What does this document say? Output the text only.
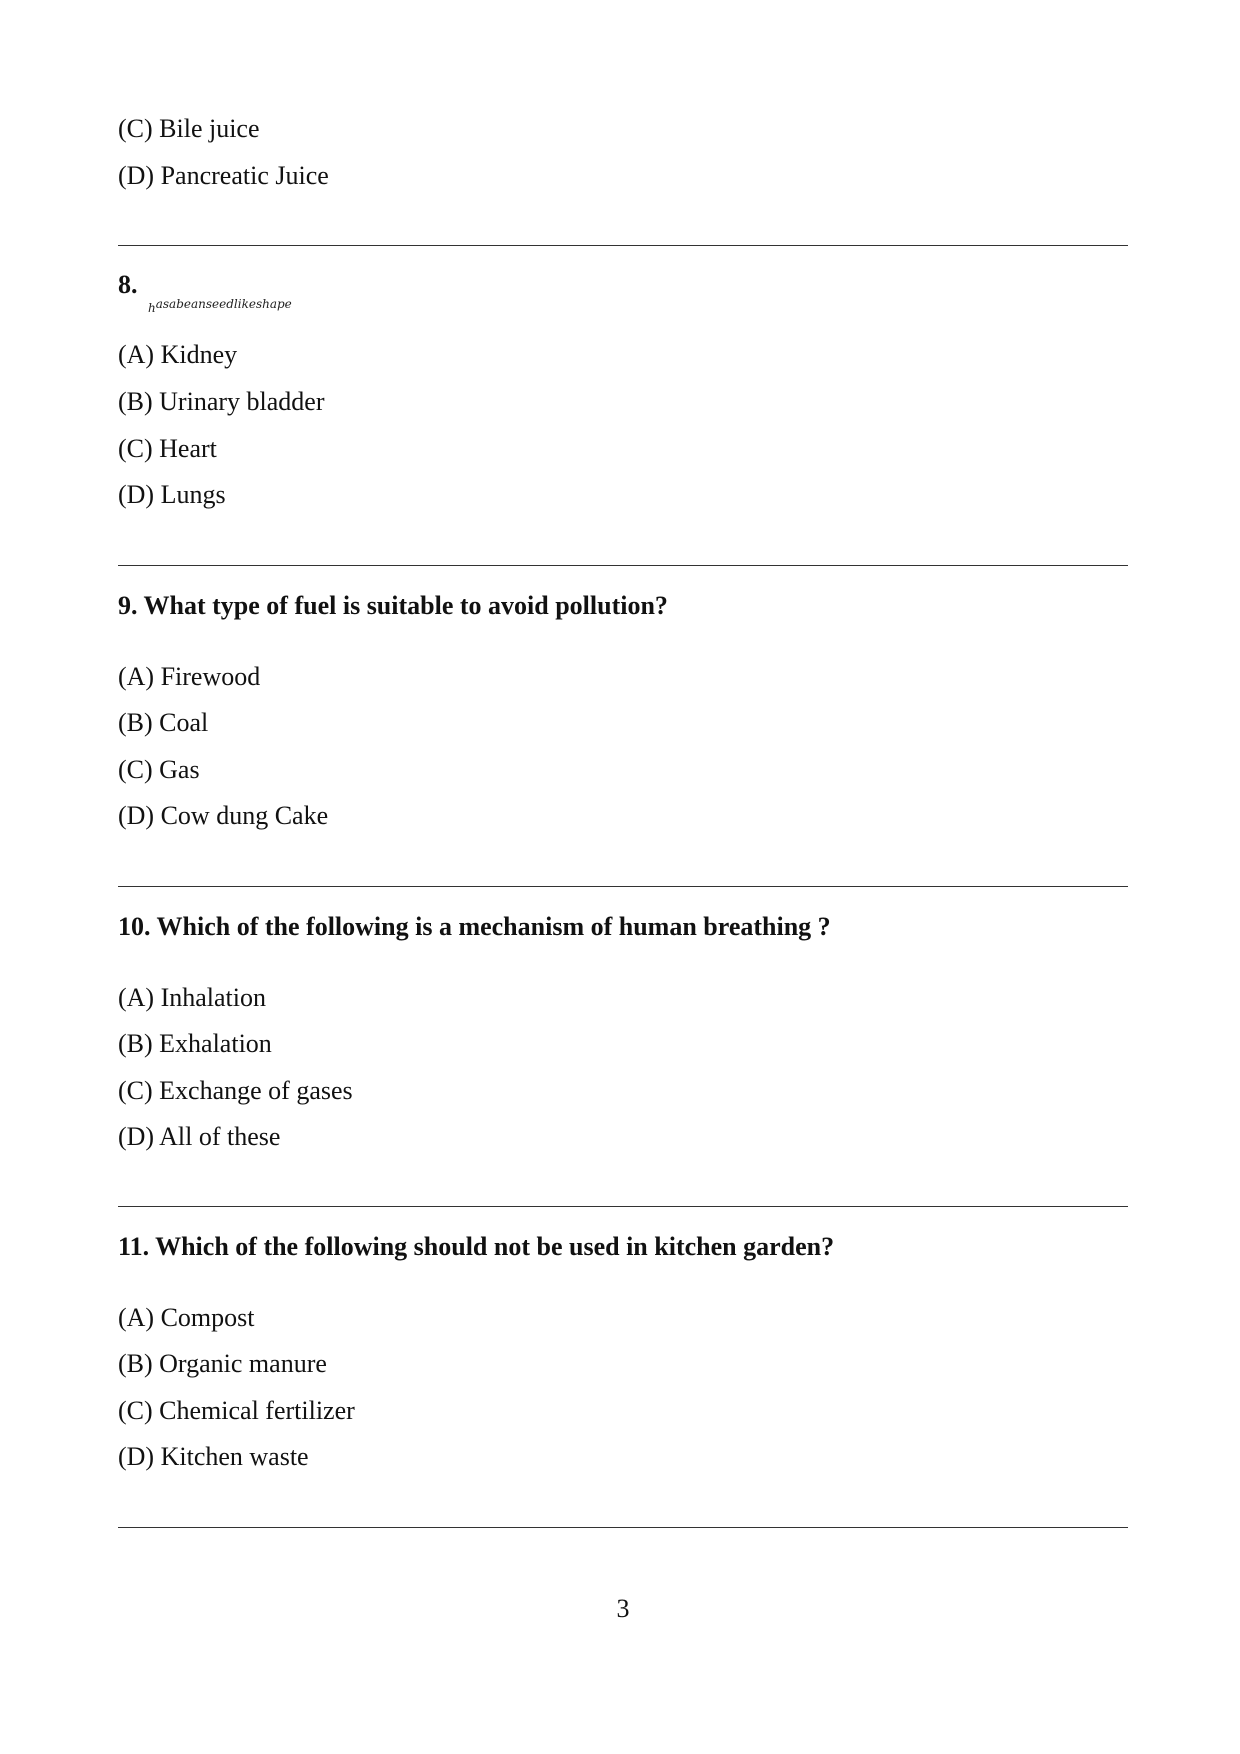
(C) Bile juice
(D) Pancreatic Juice
8.
hasabeanseedlikeshape
(A) Kidney
(B) Urinary bladder
(C) Heart
(D) Lungs
9. What type of fuel is suitable to avoid pollution?
(A) Firewood
(B) Coal
(C) Gas
(D) Cow dung Cake
10. Which of the following is a mechanism of human breathing ?
(A) Inhalation
(B) Exhalation
(C) Exchange of gases
(D) All of these
11. Which of the following should not be used in kitchen garden?
(A) Compost
(B) Organic manure
(C) Chemical fertilizer
(D) Kitchen waste
3
